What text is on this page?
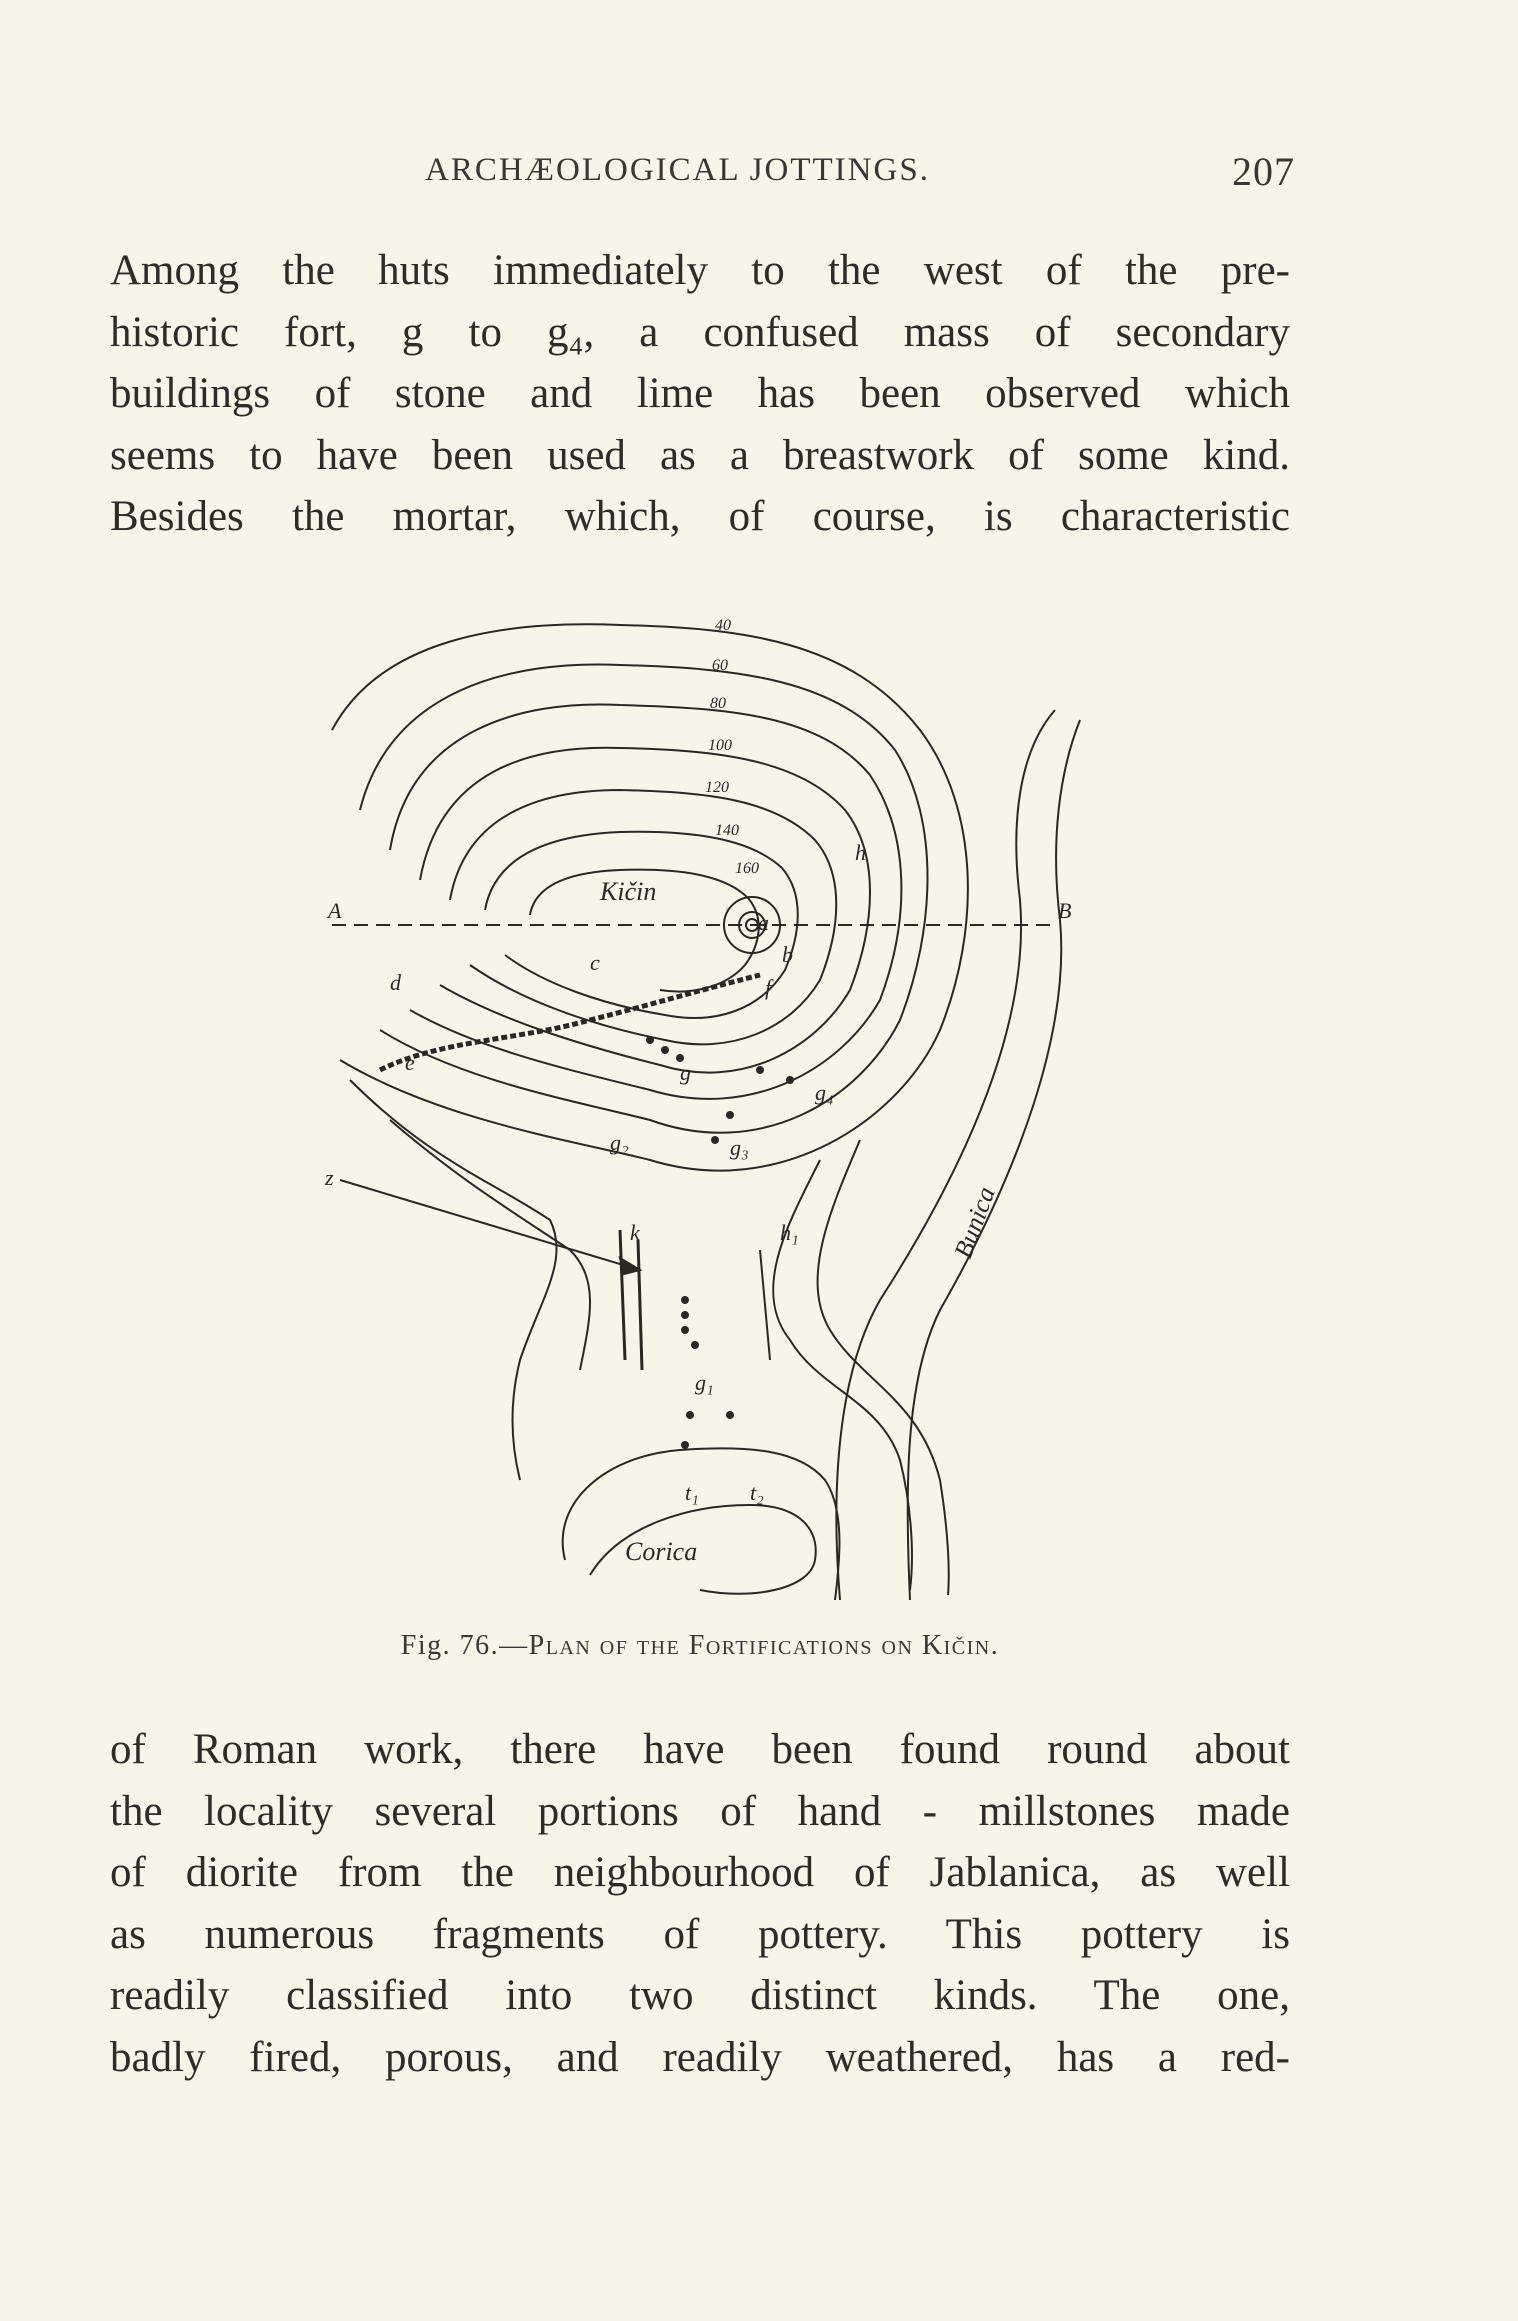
ARCHÆOLOGICAL JOTTINGS.	207
Among the huts immediately to the west of the pre-
historic fort, g to g₄, a confused mass of secondary
buildings of stone and lime has been observed which
seems to have been used as a breastwork of some kind.
Besides the mortar, which, of course, is characteristic
40
60
80
100
120
140
160
Kičin
Corica
Bunica
A	B
a
b
c
d
e
f
g
g₁
g₂	g₃
g₄
h
h₁
k
t₁ t₂
z
Fig. 76.—Plan of the Fortifications on Kičin.
of Roman work, there have been found round about
the locality several portions of hand - millstones made
of diorite from the neighbourhood of Jablanica, as well
as numerous fragments of pottery. This pottery is
readily classified into two distinct kinds. The one,
badly fired, porous, and readily weathered, has a red-
